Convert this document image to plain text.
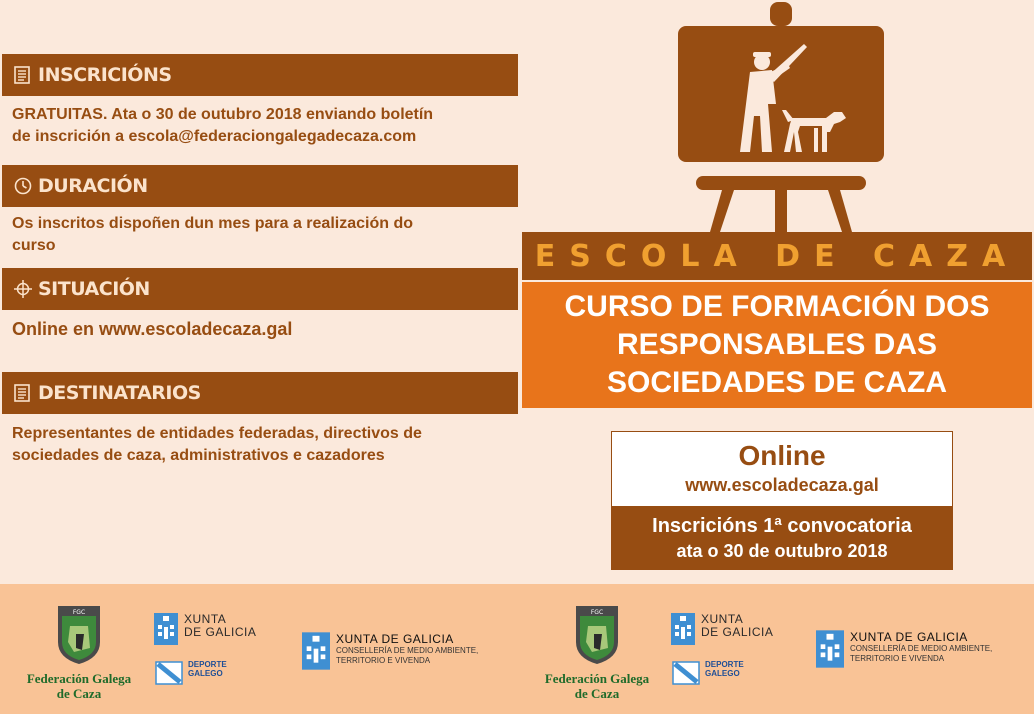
INSCRICIÓNS
GRATUITAS. Ata o 30 de outubro 2018 enviando boletín
de inscrición a escola@federaciongalegadecaza.com
DURACIÓN
Os inscritos dispoñen dun mes para a realización do
curso
SITUACIÓN
Online en www.escoladecaza.gal
DESTINATARIOS
Representantes de entidades federadas, directivos de
sociedades de caza, administrativos e cazadores
ESCOLA DE CAZA
CURSO DE FORMACIÓN DOS
RESPONSABLES DAS
SOCIEDADES DE CAZA
Online
www.escoladecaza.gal
Inscricións 1ª convocatoria
ata o 30 de outubro 2018
FGC
Federación Galega
de Caza
XUNTA
DE GALICIA
DEPORTE
GALEGO
XUNTA DE GALICIA
CONSELLERÍA DE MEDIO AMBIENTE,
TERRITORIO E VIVENDA
FGC
Federación Galega
de Caza
XUNTA
DE GALICIA
DEPORTE
GALEGO
XUNTA DE GALICIA
CONSELLERÍA DE MEDIO AMBIENTE,
TERRITORIO E VIVENDA
